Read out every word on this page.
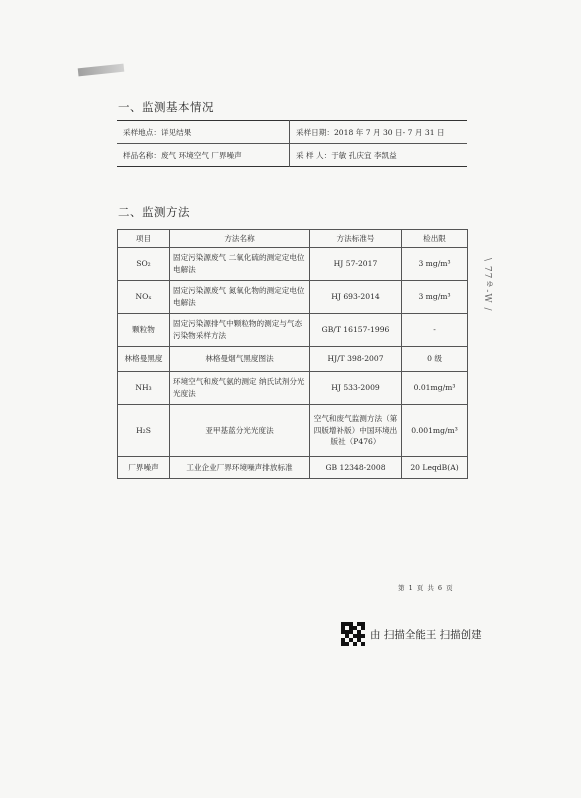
一、监测基本情况
采样地点：详见结果	采样日期：2018 年 7 月 30 日- 7 月 31 日
样品名称：废气 环境空气 厂界噪声	采 样 人：于敏 孔庆宜 李凯益
二、监测方法
项目	方法名称	方法标准号	检出限
SO₂	固定污染源废气 二氧化硫的测定定电位电解法	HJ 57-2017	3 mg/m³
NOₓ	固定污染源废气 氮氧化物的测定定电位电解法	HJ 693-2014	3 mg/m³
颗粒物	固定污染源排气中颗粒物的测定与气态污染物采样方法	GB/T 16157-1996	-
林格曼黑度	林格曼烟气黑度图法	HJ/T 398-2007	0 级
NH₃	环境空气和废气氨的测定 纳氏试剂分光光度法	HJ 533-2009	0.01mg/m³
H₂S	亚甲基蓝分光光度法	空气和废气监测方法（第四版增补版）中国环境出版社（P476）	0.001mg/m³
厂界噪声	工业企业厂界环境噪声排放标准	GB 12348-2008	20 LeqdB(A)
\ 77ゅ-W /
第 1 页 共 6 页
由 扫描全能王 扫描创建
